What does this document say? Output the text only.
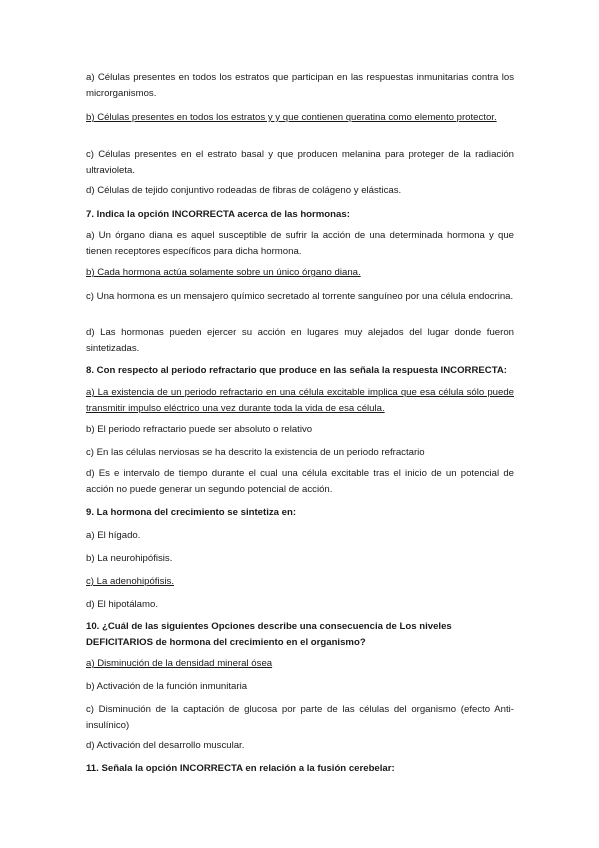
a) Células presentes en todos los estratos que participan en las respuestas inmunitarias contra los microrganismos.

b) Células presentes en todos los estratos y y que contienen queratina como elemento protector.

c) Células presentes en el estrato basal y que producen melanina para proteger de la radiación ultravioleta.

d) Células de tejido conjuntivo rodeadas de fibras de colágeno y elásticas.

7. Indica la opción INCORRECTA acerca de las hormonas:

a) Un órgano diana es aquel susceptible de sufrir la acción de una determinada hormona y que tienen receptores específicos para dicha hormona.

b) Cada hormona actúa solamente sobre un único órgano diana.

c) Una hormona es un mensajero químico secretado al torrente sanguíneo por una célula endocrina.

d) Las hormonas pueden ejercer su acción en lugares muy alejados del lugar donde fueron sintetizadas.

8. Con respecto al periodo refractario que produce en las señala la respuesta INCORRECTA:

a) La existencia de un periodo refractario en una célula excitable implica que esa célula sólo puede transmitir impulso eléctrico una vez durante toda la vida de esa célula.

b) El periodo refractario puede ser absoluto o relativo

c) En las células nerviosas se ha descrito la existencia de un periodo refractario

d) Es e intervalo de tiempo durante el cual una célula excitable tras el inicio de un potencial de acción no puede generar un segundo potencial de acción.

9. La hormona del crecimiento se sintetiza en:

a) El hígado.

b) La neurohipófisis.

c) La adenohipófisis.

d) El hipotálamo.

10. ¿Cuál de las siguientes Opciones describe una consecuencia de Los niveles DEFICITARIOS de hormona del crecimiento en el organismo?

a) Disminución de la densidad mineral ósea

b) Activación de la función inmunitaria

c) Disminución de la captación de glucosa por parte de las células del organismo (efecto Anti-insulínico)

d) Activación del desarrollo muscular.

11. Señala la opción INCORRECTA en relación a la fusión cerebelar:
